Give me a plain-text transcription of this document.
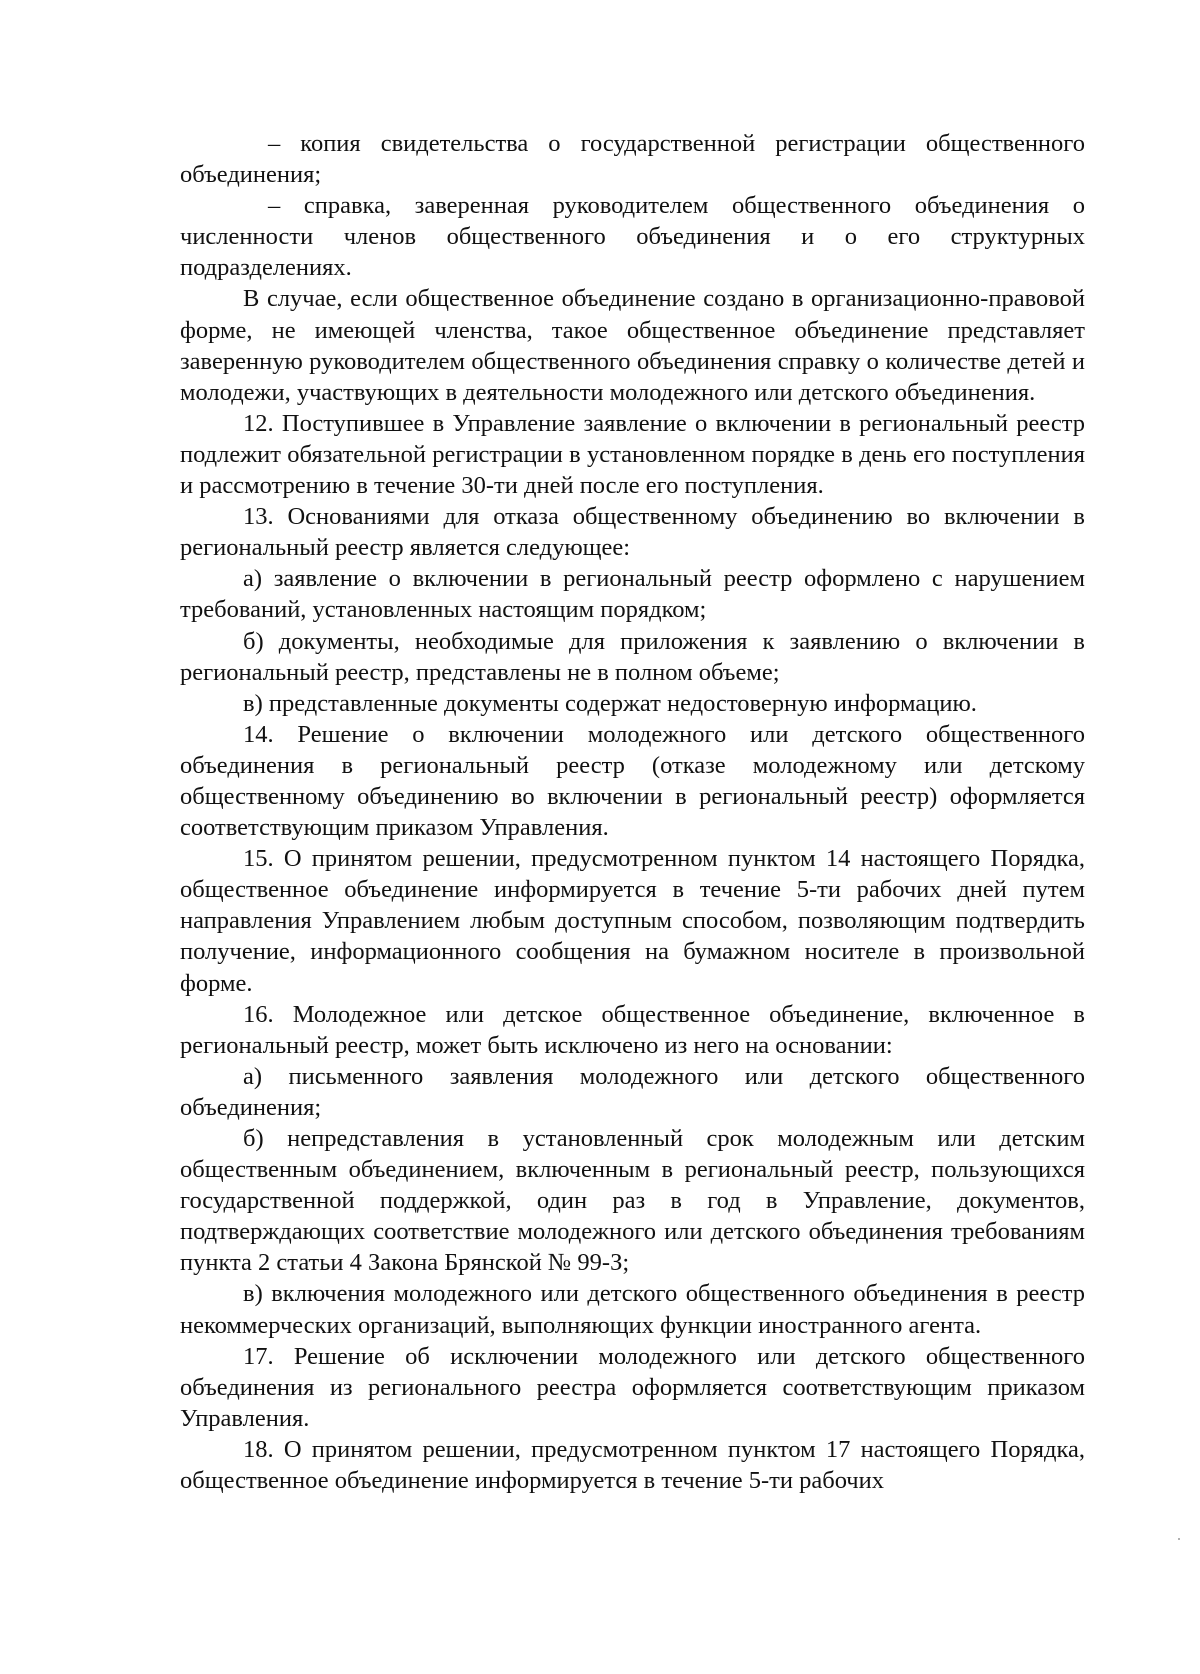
– копия свидетельства о государственной регистрации общественного объединения;

– справка, заверенная руководителем общественного объединения о численности членов общественного объединения и о его структурных подразделениях.

В случае, если общественное объединение создано в организационно-правовой форме, не имеющей членства, такое общественное объединение представляет заверенную руководителем общественного объединения справку о количестве детей и молодежи, участвующих в деятельности молодежного или детского объединения.

12. Поступившее в Управление заявление о включении в региональный реестр подлежит обязательной регистрации в установленном порядке в день его поступления и рассмотрению в течение 30-ти дней после его поступления.

13. Основаниями для отказа общественному объединению во включении в региональный реестр является следующее:

а) заявление о включении в региональный реестр оформлено с нарушением требований, установленных настоящим порядком;

б) документы, необходимые для приложения к заявлению о включении в региональный реестр, представлены не в полном объеме;

в) представленные документы содержат недостоверную информацию.

14. Решение о включении молодежного или детского общественного объединения в региональный реестр (отказе молодежному или детскому общественному объединению во включении в региональный реестр) оформляется соответствующим приказом Управления.

15. О принятом решении, предусмотренном пунктом 14 настоящего Порядка, общественное объединение информируется в течение 5-ти рабочих дней путем направления Управлением любым доступным способом, позволяющим подтвердить получение, информационного сообщения на бумажном носителе в произвольной форме.

16. Молодежное или детское общественное объединение, включенное в региональный реестр, может быть исключено из него на основании:

а) письменного заявления молодежного или детского общественного объединения;

б) непредставления в установленный срок молодежным или детским общественным объединением, включенным в региональный реестр, пользующихся государственной поддержкой, один раз в год в Управление, документов, подтверждающих соответствие молодежного или детского объединения требованиям пункта 2 статьи 4 Закона Брянской № 99-З;

в) включения молодежного или детского общественного объединения в реестр некоммерческих организаций, выполняющих функции иностранного агента.

17. Решение об исключении молодежного или детского общественного объединения из регионального реестра оформляется соответствующим приказом Управления.

18. О принятом решении, предусмотренном пунктом 17 настоящего Порядка, общественное объединение информируется в течение 5-ти рабочих
